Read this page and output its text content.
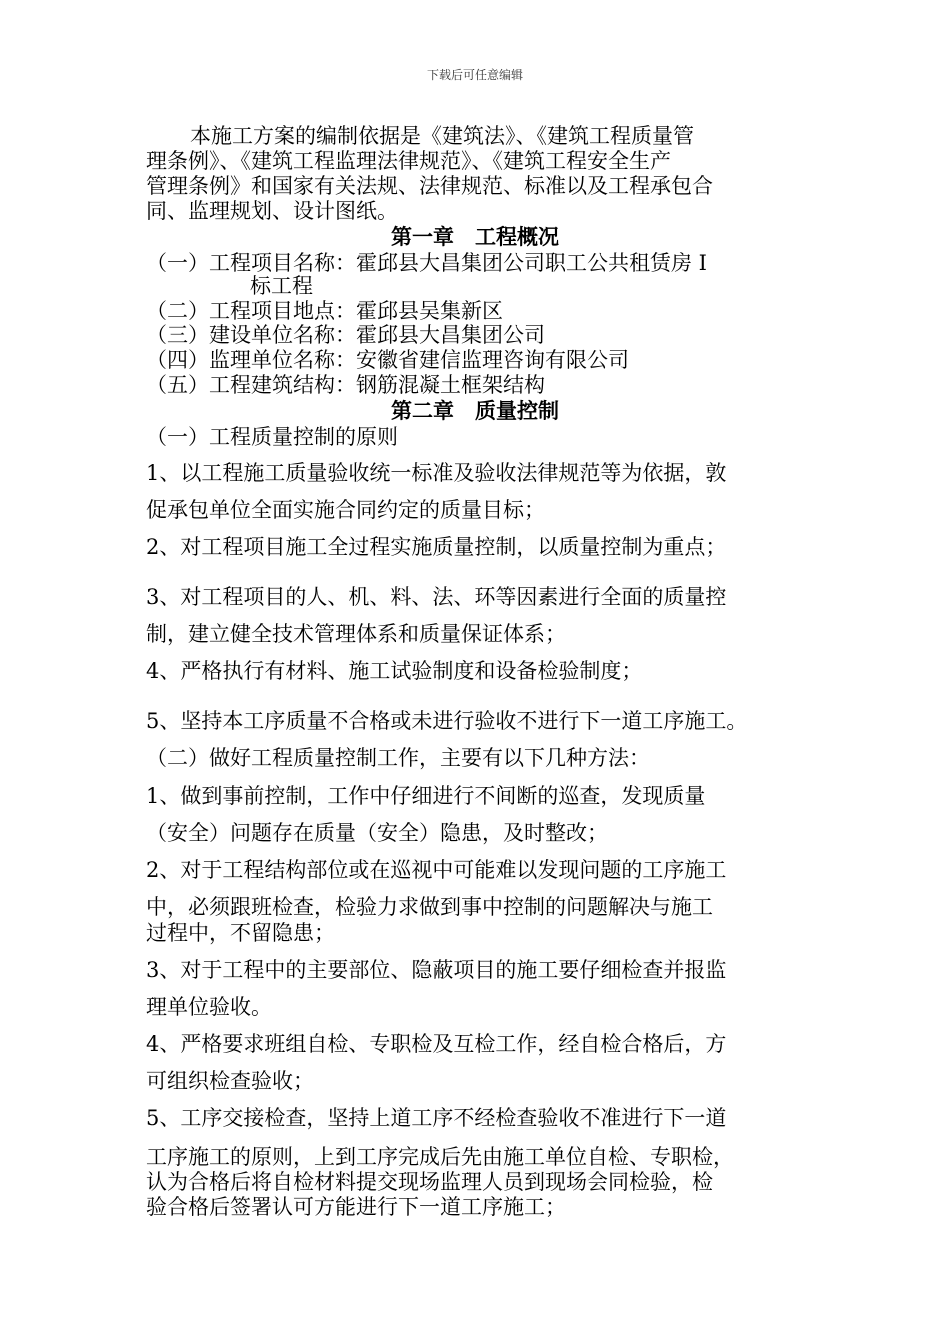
下载后可任意编辑
本施工方案的编制依据是《建筑法》、《建筑工程质量管
理条例》、《建筑工程监理法律规范》、《建筑工程安全生产
管理条例》和国家有关法规、法律规范、标准以及工程承包合
同、监理规划、设计图纸。
第一章　工程概况
（一）工程项目名称：霍邱县大昌集团公司职工公共租赁房 I
标工程
（二）工程项目地点：霍邱县吴集新区
（三）建设单位名称：霍邱县大昌集团公司
（四）监理单位名称：安徽省建信监理咨询有限公司
（五）工程建筑结构：钢筋混凝土框架结构
第二章　质量控制
（一）工程质量控制的原则
1、以工程施工质量验收统一标准及验收法律规范等为依据，敦
促承包单位全面实施合同约定的质量目标；
2、对工程项目施工全过程实施质量控制，以质量控制为重点；
3、对工程项目的人、机、料、法、环等因素进行全面的质量控
制，建立健全技术管理体系和质量保证体系；
4、严格执行有材料、施工试验制度和设备检验制度；
5、坚持本工序质量不合格或未进行验收不进行下一道工序施工。
（二）做好工程质量控制工作，主要有以下几种方法：
1、做到事前控制，工作中仔细进行不间断的巡查，发现质量
（安全）问题存在质量（安全）隐患，及时整改；
2、对于工程结构部位或在巡视中可能难以发现问题的工序施工
中，必须跟班检查，检验力求做到事中控制的问题解决与施工
过程中，不留隐患；
3、对于工程中的主要部位、隐蔽项目的施工要仔细检查并报监
理单位验收。
4、严格要求班组自检、专职检及互检工作，经自检合格后，方
可组织检查验收；
5、工序交接检查，坚持上道工序不经检查验收不准进行下一道
工序施工的原则，上到工序完成后先由施工单位自检、专职检，
认为合格后将自检材料提交现场监理人员到现场会同检验，检
验合格后签署认可方能进行下一道工序施工；
